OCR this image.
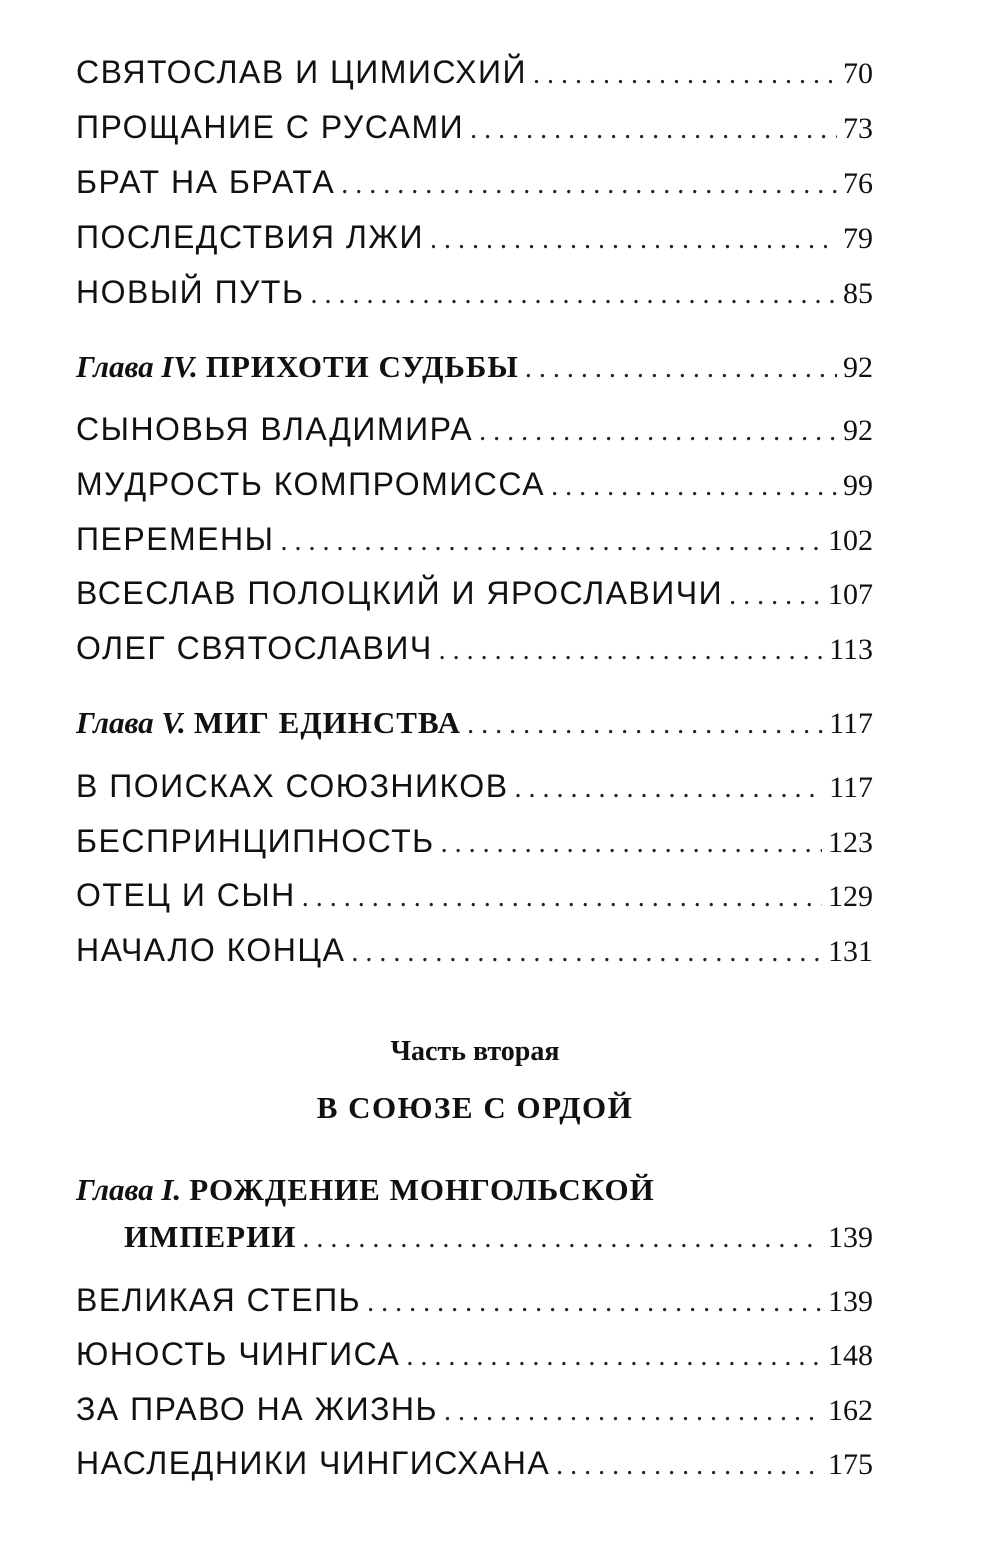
СВЯТОСЛАВ И ЦИМИСХИЙ . . .	70
ПРОЩАНИЕ С РУСАМИ . . .	73
БРАТ НА БРАТА . . .	76
ПОСЛЕДСТВИЯ ЛЖИ . . .	79
НОВЫЙ ПУТЬ . . .	85
Глава IV. ПРИХОТИ СУДЬБЫ . . .	92
СЫНОВЬЯ ВЛАДИМИРА . . .	92
МУДРОСТЬ КОМПРОМИССА . . .	99
ПЕРЕМЕНЫ . . .	102
ВСЕСЛАВ ПОЛОЦКИЙ И ЯРОСЛАВИЧИ . . .	107
ОЛЕГ СВЯТОСЛАВИЧ . . .	113
Глава V. МИГ ЕДИНСТВА . . .	117
В ПОИСКАХ СОЮЗНИКОВ . . .	117
БЕСПРИНЦИПНОСТЬ . . .	123
ОТЕЦ И СЫН . . .	129
НАЧАЛО КОНЦА . . .	131
Часть вторая
В СОЮЗЕ С ОРДОЙ
Глава I. РОЖДЕНИЕ МОНГОЛЬСКОЙ
ИМПЕРИИ . . .	139
ВЕЛИКАЯ СТЕПЬ . . .	139
ЮНОСТЬ ЧИНГИСА . . .	148
ЗА ПРАВО НА ЖИЗНЬ . . .	162
НАСЛЕДНИКИ ЧИНГИСХАНА . . .	175
